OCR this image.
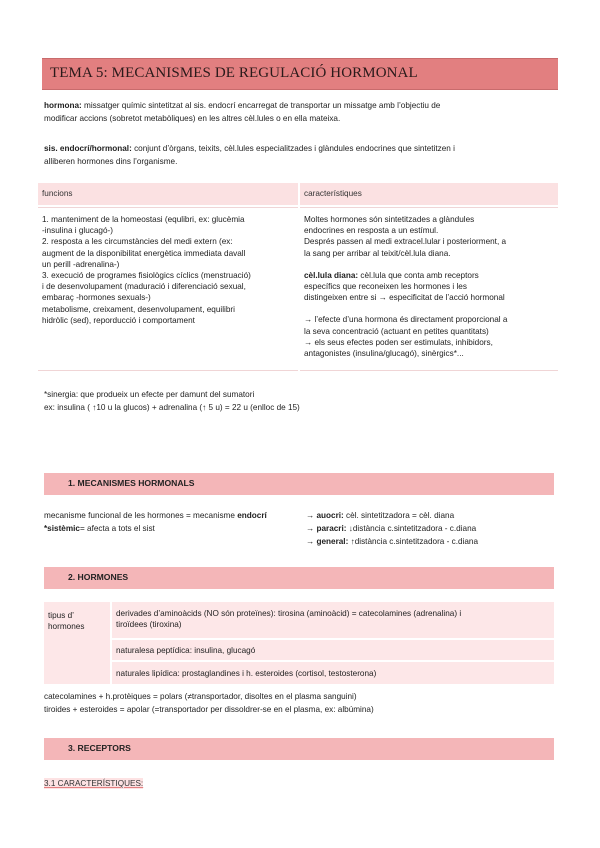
TEMA 5: MECANISMES DE REGULACIÓ HORMONAL
hormona: missatger químic sintetitzat al sis. endocrí encarregat de transportar un missatge amb l’objectiu de
modificar accions (sobretot metabòliques) en les altres cèl.lules o en ella mateixa.
sis. endocrí/hormonal: conjunt d’òrgans, teixits, cèl.lules especialitzades i glàndules endocrines que sintetitzen i
alliberen hormones dins l’organisme.
funcions	característiques
1. manteniment de la homeostasi (equlibri, ex: glucèmia
-insulina i glucagó-)
2. resposta a les circumstàncies del medi extern (ex:
augment de la disponibilitat energètica immediata davall
un perill -adrenalina-)
3. execució de programes fisiològics cíclics (menstruació)
i de desenvolupament (maduració i diferenciació sexual,
embaraç -hormones sexuals-)
metabolisme, creixament, desenvolupament, equilibri
hidròlic (sed), reporducció i comportament
Moltes hormones són sintetitzades a glàndules
endocrines en resposta a un estímul.
Després passen al medi extracel.lular i posteriorment, a
la sang per arribar al teixit/cèl.lula diana.
cèl.lula diana: cèl.lula que conta amb receptors
específics que reconeixen les hormones i les
distingeixen entre si → especificitat de l’acció hormonal
→ l’efecte d’una hormona és directament proporcional a
la seva concentració (actuant en petites quantitats)
→ els seus efectes poden ser estimulats, inhibidors,
antagonistes (insulina/glucagó), sinèrgics*...
*sinergia: que produeix un efecte per damunt del sumatori
ex: insulina ( ↑10 u la glucos) + adrenalina (↑ 5 u) = 22 u (enlloc de 15)
1. MECANISMES HORMONALS
mecanisme funcional de les hormones = mecanisme endocrí
*sistèmic= afecta a tots el sist
→ auocri: cèl. sintetitzadora = cèl. diana
→ paracri: ↓distància c.sintetitzadora - c.diana
→ general: ↑distància c.sintetitzadora - c.diana
2. HORMONES
tipus d’ hormones
derivades d’aminoàcids (NO són proteïnes): tirosina (aminoàcid) = catecolamines (adrenalina) i
tiroïdees (tiroxina)
naturalesa peptídica: insulina, glucagó
naturales lipídica: prostaglandines i h. esteroides (cortisol, testosterona)
catecolamines + h.protèiques = polars (≠transportador, disoltes en el plasma sanguini)
tiroides + esteroides = apolar (=transportador per dissoldrer-se en el plasma, ex: albúmina)
3. RECEPTORS
3.1 CARACTERÍSTIQUES:
